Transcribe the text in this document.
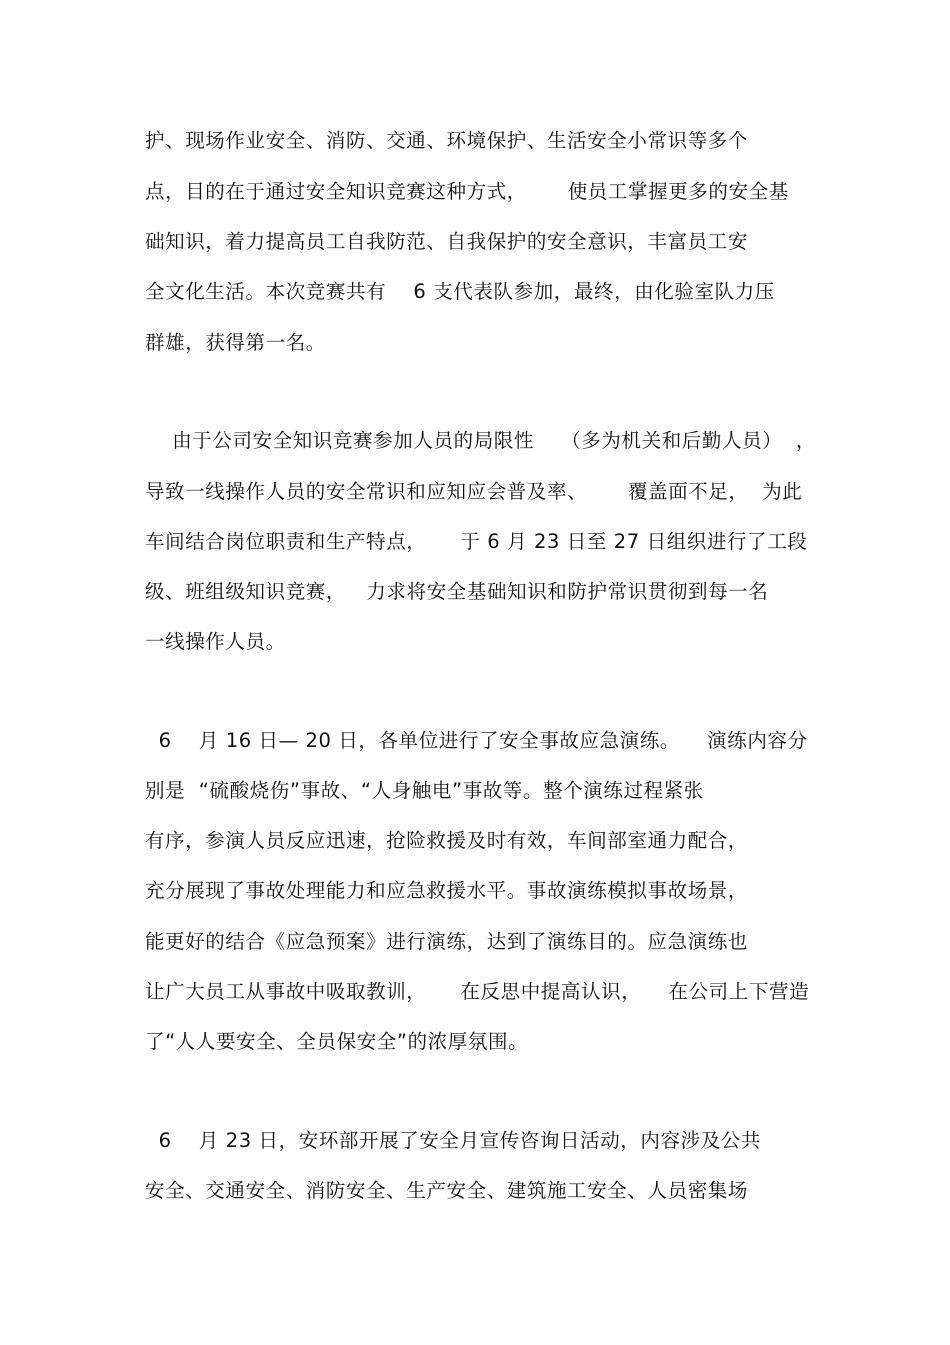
护、现场作业安全、消防、交通、环境保护、生活安全小常识等多个
点，目的在于通过安全知识竞赛这种方式，      使员工掌握更多的安全基
础知识，着力提高员工自我防范、自我保护的安全意识，丰富员工安
全文化生活。本次竞赛共有    6 支代表队参加，最终，由化验室队力压
群雄，获得第一名。
由于公司安全知识竞赛参加人员的局限性    （多为机关和后勤人员）  ，
导致一线操作人员的安全常识和应知应会普及率、      覆盖面不足，  为此
车间结合岗位职责和生产特点，     于 6 月 23 日至 27 日组织进行了工段
级、班组级知识竞赛，   力求将安全基础知识和防护常识贯彻到每一名
一线操作人员。
6    月 16 日— 20 日，各单位进行了安全事故应急演练。    演练内容分
别是  “硫酸烧伤”事故、“人身触电”事故等。整个演练过程紧张
有序，参演人员反应迅速，抢险救援及时有效，车间部室通力配合，
充分展现了事故处理能力和应急救援水平。事故演练模拟事故场景，
能更好的结合《应急预案》进行演练，达到了演练目的。应急演练也
让广大员工从事故中吸取教训，     在反思中提高认识，    在公司上下营造
了“人人要安全、全员保安全”的浓厚氛围。
6    月 23 日，安环部开展了安全月宣传咨询日活动，内容涉及公共
安全、交通安全、消防安全、生产安全、建筑施工安全、人员密集场
